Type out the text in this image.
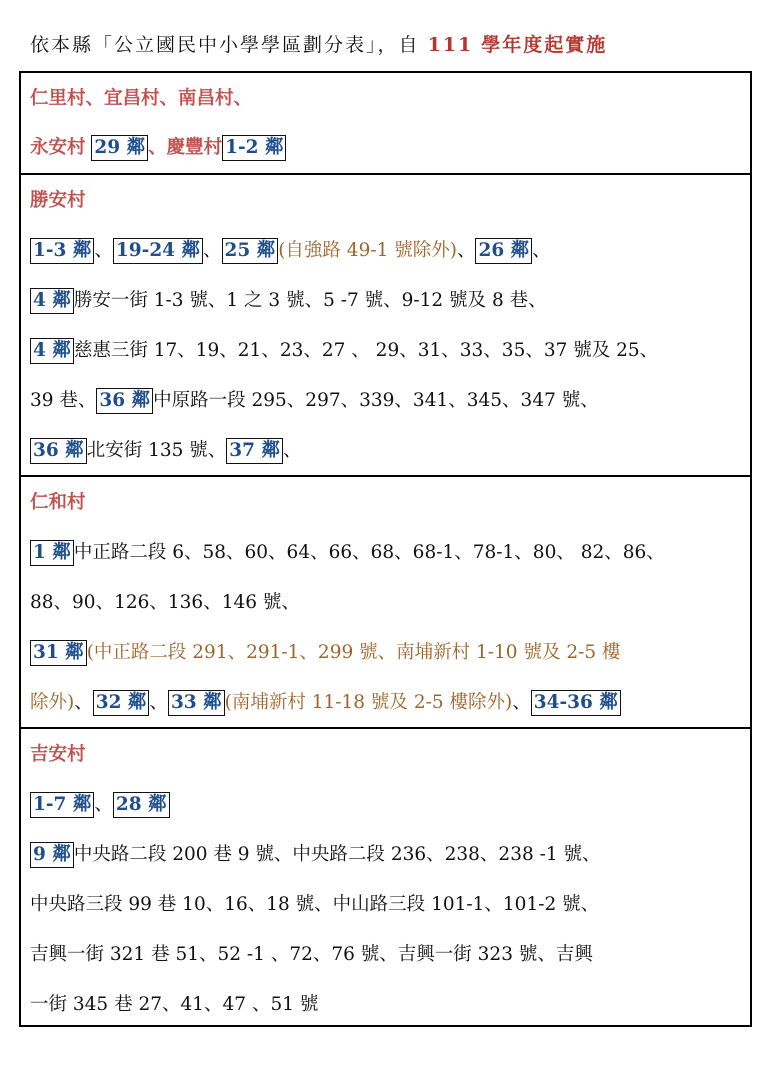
依本縣「公立國民中小學學區劃分表」，自 111 學年度起實施
仁里村、宜昌村、南昌村、
永安村 29 鄰 、慶豐村 1-2 鄰
勝安村
1-3 鄰 、 19-24 鄰 、 25 鄰 (自強路 49-1 號除外)、 26 鄰 、
4 鄰 勝安一街 1-3 號、1 之 3 號、5 -7 號、9-12 號及 8 巷、
4 鄰 慈惠三街 17、19、21、23、27 、 29、31、33、35、37 號及 25、
39 巷、 36 鄰 中原路一段 295、297、339、341、345、347 號、
36 鄰 北安街 135 號、 37 鄰 、
仁和村
1 鄰 中正路二段 6、58、60、64、66、68、68-1、78-1、80、 82、86、
88、90、126、136、146 號、
31 鄰 (中正路二段 291、291-1、299 號、南埔新村 1-10 號及 2-5 樓
除外)、 32 鄰 、 33 鄰 (南埔新村 11-18 號及 2-5 樓除外)、 34-36 鄰
吉安村
1-7 鄰 、 28 鄰
9 鄰 中央路二段 200 巷 9 號、中央路二段 236、238、238 -1 號、
中央路三段 99 巷 10、16、18 號、中山路三段 101-1、101-2 號、
吉興一街 321 巷 51、52 -1 、72、76 號、吉興一街 323 號、吉興
一街 345 巷 27、41、47 、51 號
